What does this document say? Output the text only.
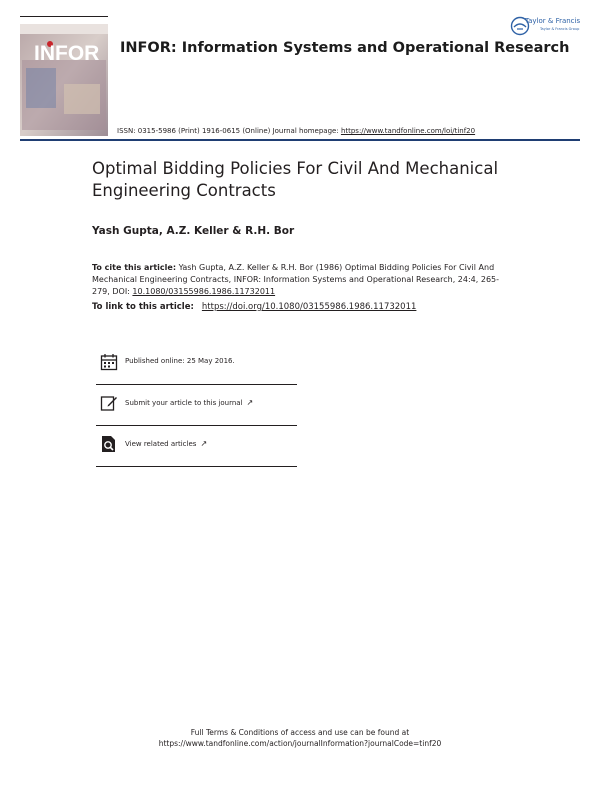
INFOR INFOR: Information Systems and Operational Research
Taylor & Francis
Taylor & Francis Group
ISSN: 0315-5986 (Print) 1916-0615 (Online) Journal homepage: https://www.tandfonline.com/loi/tinf20
Optimal Bidding Policies For Civil And Mechanical Engineering Contracts
Yash Gupta, A.Z. Keller & R.H. Bor
To cite this article: Yash Gupta, A.Z. Keller & R.H. Bor (1986) Optimal Bidding Policies For Civil And Mechanical Engineering Contracts, INFOR: Information Systems and Operational Research, 24:4, 265-279, DOI: 10.1080/03155986.1986.11732011
To link to this article: https://doi.org/10.1080/03155986.1986.11732011
Published online: 25 May 2016.
Submit your article to this journal ↗
View related articles ↗
Full Terms & Conditions of access and use can be found at
https://www.tandfonline.com/action/journalInformation?journalCode=tinf20
